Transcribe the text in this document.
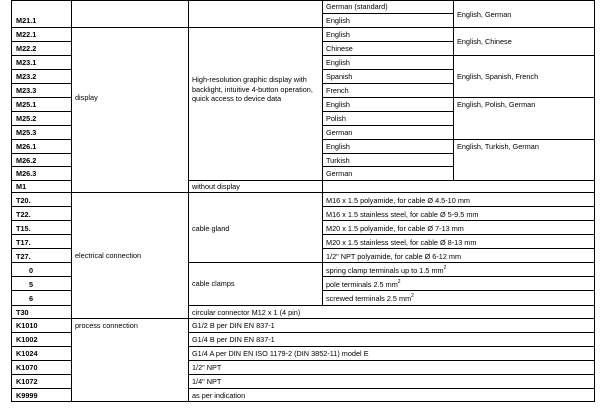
display
High-resolution graphic display with backlight, intuitive 4-button operation, quick access to device data
M21.1
M22.1
M22.2
M23.1
M23.2
M23.3
M25.1
M25.2
M25.3
M26.1
M26.2
M26.3
German (standard)
English
English
Chinese
English
Spanish
French
English
Polish
German
English
Turkish
German
English, German
English, Chinese
English, Spanish, French
English, Polish, German
English, Turkish, German
M1	without display
electrical connection
cable gland
cable clamps
T20.
T22.
T15.
T17.
T27.
M16 x 1.5 polyamide, for cable Ø 4.5-10 mm
M16 x 1.5 stainless steel, for cable Ø 5-9.5 mm
M20 x 1.5 polyamide, for cable Ø 7-13 mm
M20 x 1.5 stainless steel, for cable Ø 8-13 mm
1/2" NPT polyamide, for cable Ø 6-12 mm
0
5
6
spring clamp terminals up to 1.5 $mm^2$
pole terminals 2.5 $mm^2$
screwed terminals 2.5 $mm^2$
T30	circular connector M12 x 1 (4 pin)
process connection
K1010
K1002
K1024
K1070
K1072
K9999
G1/2 B per DIN EN 837-1
G1/4 B per DIN EN 837-1
G1/4 A per DIN EN ISO 1179-2 (DIN 3852-11) model E
1/2" NPT
1/4" NPT
as per indication
